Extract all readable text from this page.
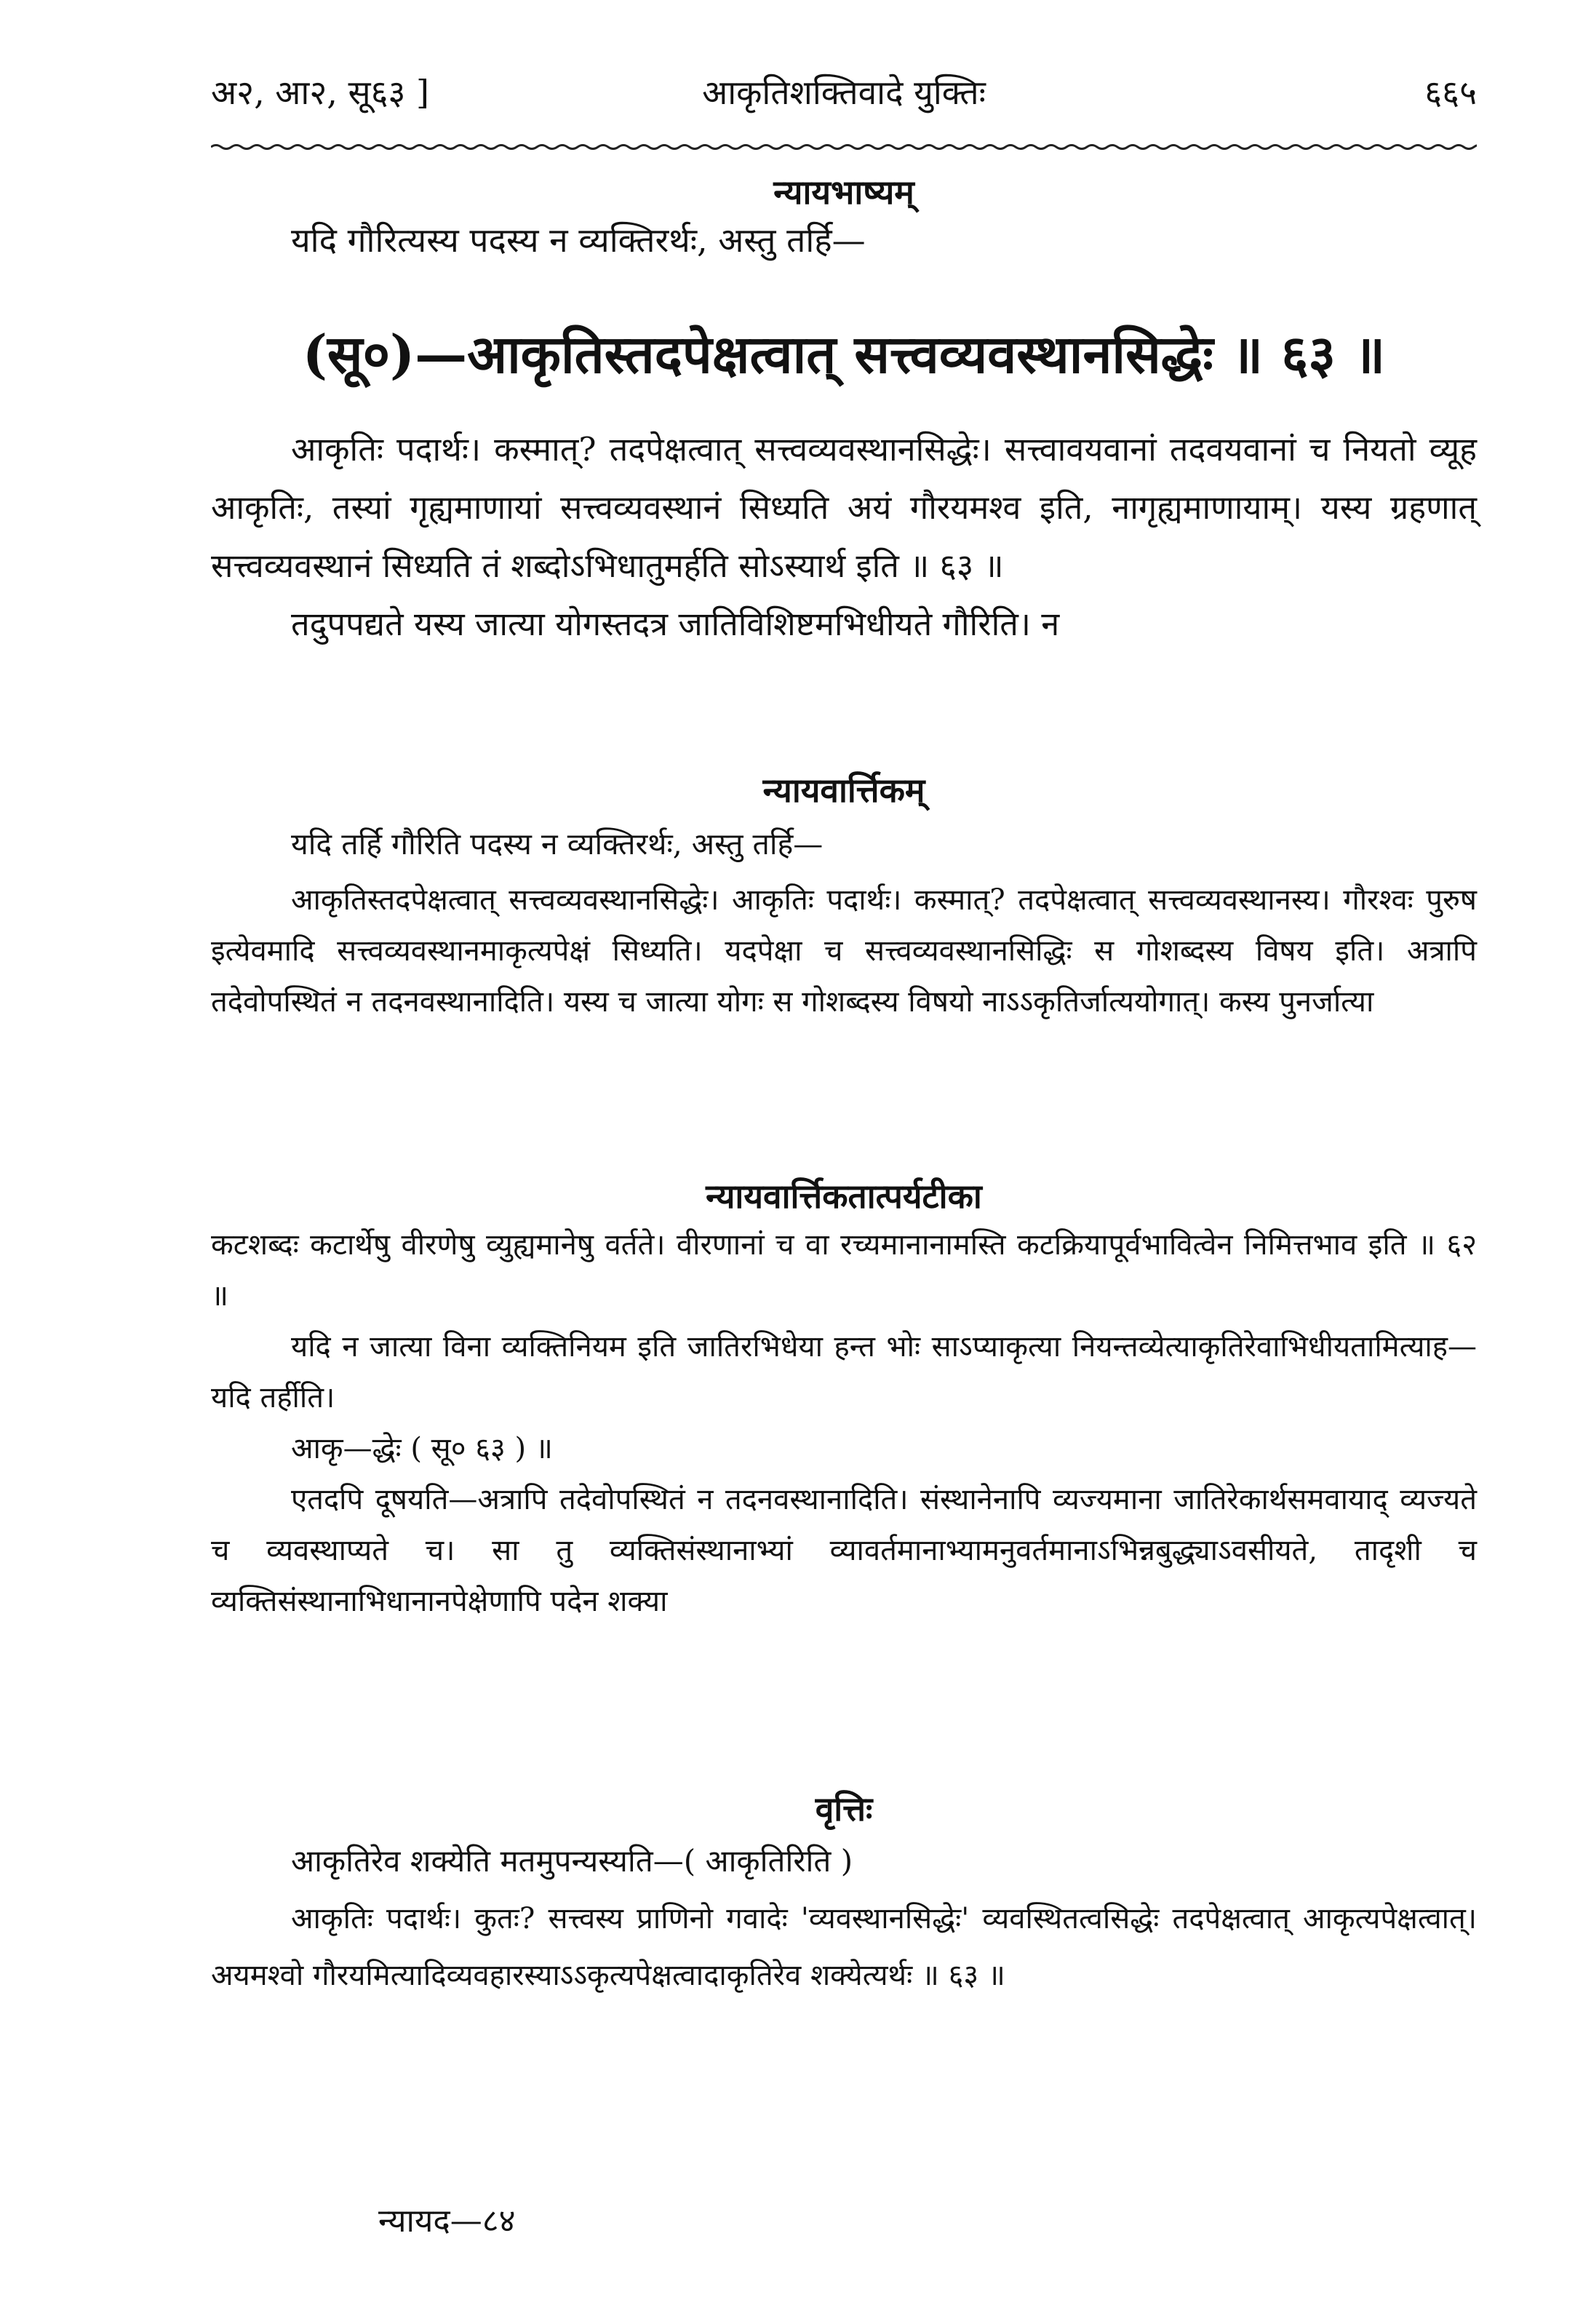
अ२, आ२, सू६३ ]	आकृतिशक्तिवादे युक्तिः	६६५
न्यायभाष्यम्
यदि गौरित्यस्य पदस्य न व्यक्तिरर्थः, अस्तु तर्हि—
(सू०)—आकृतिस्तदपेक्षत्वात् सत्त्वव्यवस्थानसिद्धेः ॥ ६३ ॥

आकृतिः पदार्थः। कस्मात्? तदपेक्षत्वात् सत्त्वव्यवस्थानसिद्धेः। सत्त्वावयवानां तदवयवानां च नियतो व्यूह आकृतिः, तस्यां गृह्यमाणायां सत्त्वव्यवस्थानं सिध्यति अयं गौरयमश्व इति, नागृह्यमाणायाम्। यस्य ग्रहणात् सत्त्वव्यवस्थानं सिध्यति तं शब्दोऽभिधातुमर्हति सोऽस्यार्थ इति ॥ ६३ ॥

तदुपपद्यते यस्य जात्या योगस्तदत्र जातिविशिष्टमभिधीयते गौरिति। न

न्यायवार्त्तिकम्
यदि तर्हि गौरिति पदस्य न व्यक्तिरर्थः, अस्तु तर्हि—

आकृतिस्तदपेक्षत्वात् सत्त्वव्यवस्थानसिद्धेः। आकृतिः पदार्थः। कस्मात्? तदपेक्षत्वात् सत्त्वव्यवस्थानस्य। गौरश्वः पुरुष इत्येवमादि सत्त्वव्यवस्थानमाकृत्यपेक्षं सिध्यति। यदपेक्षा च सत्त्वव्यवस्थानसिद्धिः स गोशब्दस्य विषय इति। अत्रापि तदेवोपस्थितं न तदनवस्थानादिति। यस्य च जात्या योगः स गोशब्दस्य विषयो नाऽऽकृतिर्जात्ययोगात्। कस्य पुनर्जात्या

न्यायवार्त्तिकतात्पर्यटीका

कटशब्दः कटार्थेषु वीरणेषु व्युह्यमानेषु वर्तते। वीरणानां च वा रच्यमानानामस्ति कटक्रियापूर्वभावित्वेन निमित्तभाव इति ॥ ६२ ॥

यदि न जात्या विना व्यक्तिनियम इति जातिरभिधेया हन्त भोः साऽप्याकृत्या नियन्तव्येत्याकृतिरेवाभिधीयतामित्याह—यदि तर्हीति।

आकृ—द्धेः ( सू० ६३ ) ॥

एतदपि दूषयति—अत्रापि तदेवोपस्थितं न तदनवस्थानादिति। संस्थानेनापि व्यज्यमाना जातिरेकार्थसमवायाद् व्यज्यते च व्यवस्थाप्यते च। सा तु व्यक्तिसंस्थानाभ्यां व्यावर्तमानाभ्यामनुवर्तमानाऽभिन्नबुद्ध्याऽवसीयते, तादृशी च व्यक्तिसंस्थानाभिधानानपेक्षेणापि पदेन शक्या

वृत्तिः
आकृतिरेव शक्येति मतमुपन्यस्यति—( आकृतिरिति )

आकृतिः पदार्थः। कुतः? सत्त्वस्य प्राणिनो गवादेः 'व्यवस्थानसिद्धेः' व्यवस्थितत्वसिद्धेः तदपेक्षत्वात् आकृत्यपेक्षत्वात्। अयमश्वो गौरयमित्यादिव्यवहारस्याऽऽकृत्यपेक्षत्वादाकृतिरेव शक्येत्यर्थः ॥ ६३ ॥

न्यायद—८४
